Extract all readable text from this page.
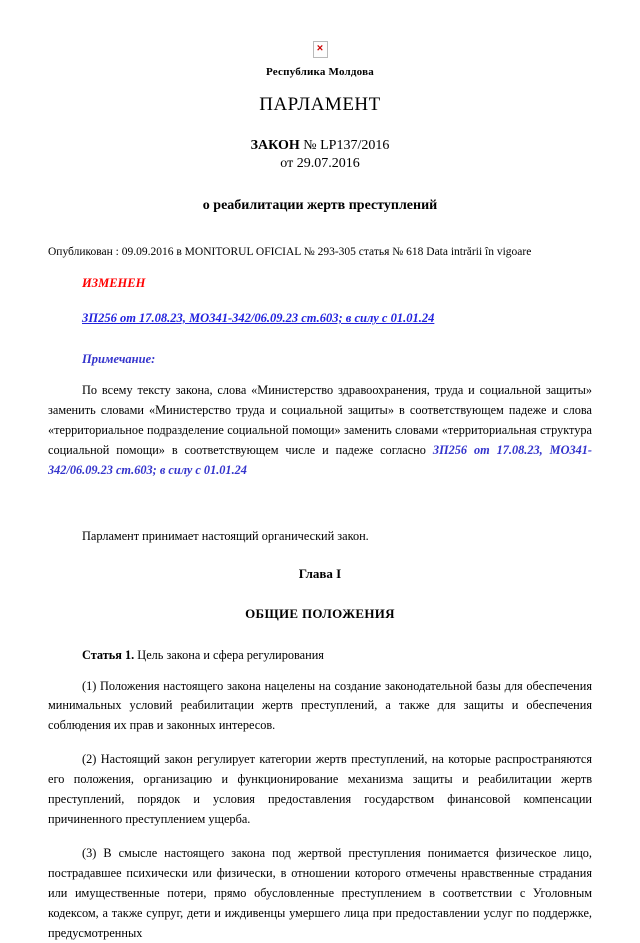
×
Республика Молдова
ПАРЛАМЕНТ
ЗАКОН № LP137/2016
от 29.07.2016
о реабилитации жертв преступлений
Опубликован : 09.09.2016 в MONITORUL OFICIAL № 293-305 статья № 618 Data intrării în vigoare
ИЗМЕНЕН
ЗП256 от 17.08.23, МО341-342/06.09.23 ст.603; в силу с 01.01.24
Примечание:

По всему тексту закона, слова «Министерство здравоохранения, труда и социальной защиты» заменить словами «Министерство труда и социальной защиты» в соответствующем падеже и слова «территориальное подразделение социальной помощи» заменить словами «территориальная структура социальной помощи» в соответствующем числе и падеже согласно ЗП256 от 17.08.23, МО341-342/06.09.23 ст.603; в силу с 01.01.24

Парламент принимает настоящий органический закон.

Глава I
ОБЩИЕ ПОЛОЖЕНИЯ
Статья 1. Цель закона и сфера регулирования

(1) Положения настоящего закона нацелены на создание законодательной базы для обеспечения минимальных условий реабилитации жертв преступлений, а также для защиты и обеспечения соблюдения их прав и законных интересов.

(2) Настоящий закон регулирует категории жертв преступлений, на которые распространяются его положения, организацию и функционирование механизма защиты и реабилитации жертв преступлений, порядок и условия предоставления государством финансовой компенсации причиненного преступлением ущерба.

(3) В смысле настоящего закона под жертвой преступления понимается физическое лицо, пострадавшее психически или физически, в отношении которого отмечены нравственные страдания или имущественные потери, прямо обусловленные преступлением в соответствии с Уголовным кодексом, а также супруг, дети и иждивенцы умершего лица при предоставлении услуг по поддержке, предусмотренных
